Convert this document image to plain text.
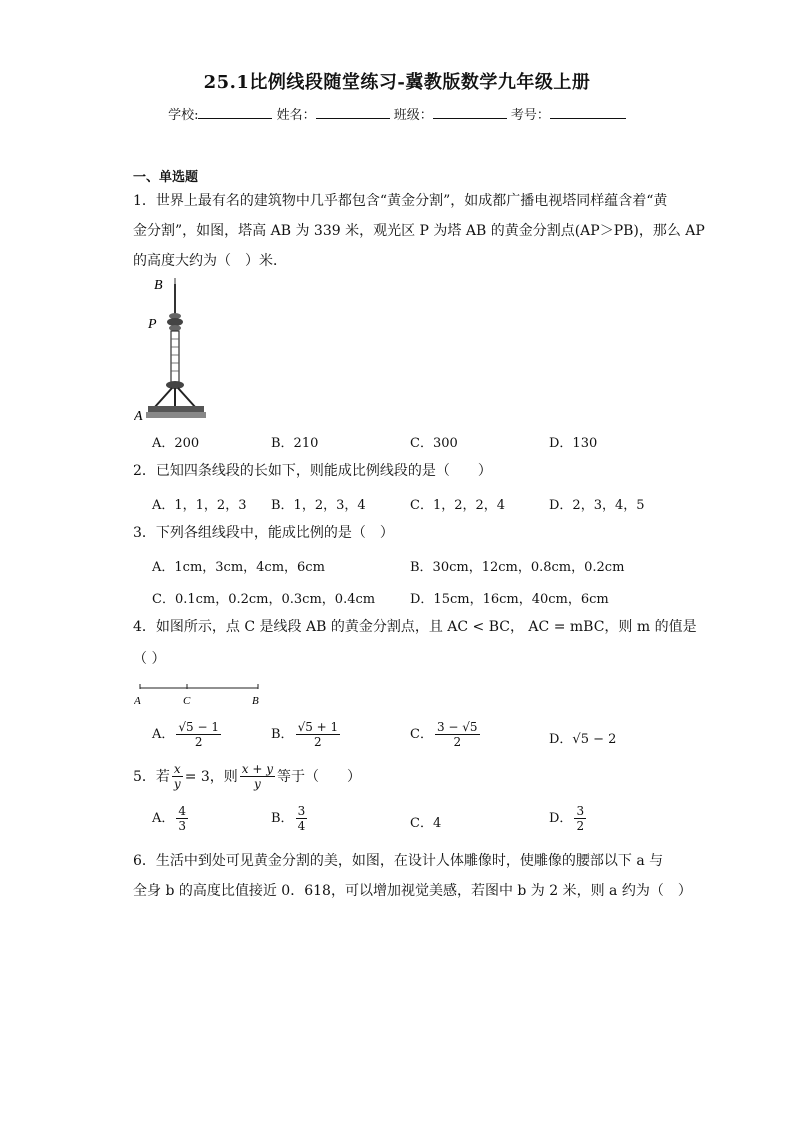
25.1比例线段随堂练习-冀教版数学九年级上册
学校:	姓名：	班级：	考号：
一、单选题
1．世界上最有名的建筑物中几乎都包含“黄金分割”，如成都广播电视塔同样蕴含着“黄
金分割”，如图，塔高 AB 为 339 米，观光区 P 为塔 AB 的黄金分割点(AP＞PB)，那么 AP
的高度大约为（　）米．
B
P
A
A．200	B．210	C．300	D．130
2．已知四条线段的长如下，则能成比例线段的是（　　）
A．1，1，2，3 B．1，2，3，4	C．1，2，2，4	D．2，3，4，5
3．下列各组线段中，能成比例的是（　）
A．1cm，3cm，4cm，6cm	B．30cm，12cm，0.8cm，0.2cm
C．0.1cm，0.2cm，0.3cm，0.4cm	D．15cm，16cm，40cm，6cm
4．如图所示，点 C 是线段 AB 的黄金分割点，且 AC < BC， AC = mBC，则 m 的值是
（ ）
A	C	B
A． $\frac{√5 - 1}{2}$	B． $\frac{√5 + 1}{2}$	C． $\frac{3 - √5}{2}$	D．√5 − 2
5．若 $\frac{x}{y} = 3$，则 $\frac{x + y}{y}$ 等于（　　）
A． $\frac{4}{3}$	B． $\frac{3}{4}$	C．4	D． $\frac{3}{2}$
6．生活中到处可见黄金分割的美，如图，在设计人体雕像时，使雕像的腰部以下 a 与
全身 b 的高度比值接近 0．618，可以增加视觉美感，若图中 b 为 2 米，则 a 约为（　）
